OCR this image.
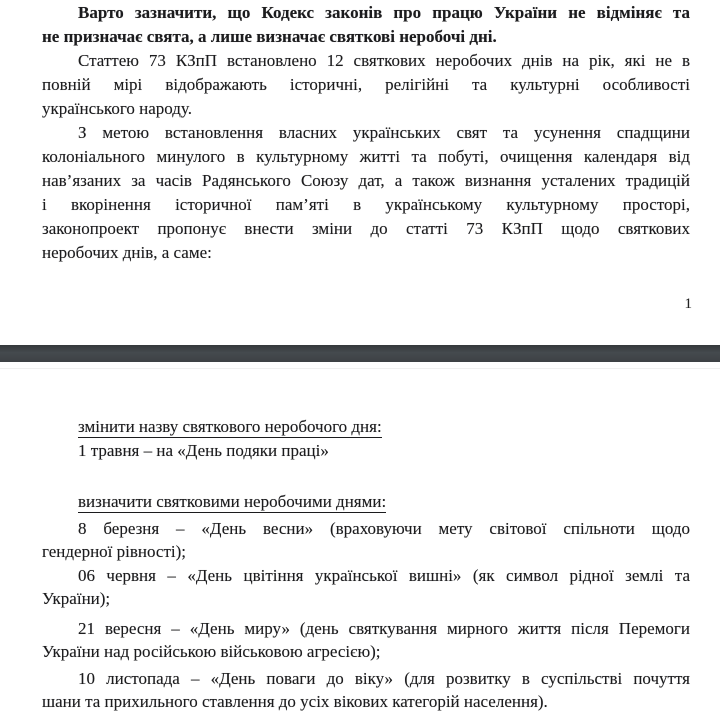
Варто зазначити, що Кодекс законів про працю України не відміняє та
не призначає свята, а лише визначає святкові неробочі дні.
Статтею 73 КЗпП встановлено 12 святкових неробочих днів на рік, які не в
повній мірі відображають історичні, релігійні та культурні особливості
українського народу.
З метою встановлення власних українських свят та усунення спадщини
колоніального минулого в культурному житті та побуті, очищення календаря від
нав’язаних за часів Радянського Союзу дат, а також визнання усталених традицій
і вкорінення історичної пам’яті в українському культурному просторі,
законопроект пропонує внести зміни до статті 73 КЗпП щодо святкових
неробочих днів, а саме:
1
змінити назву святкового неробочого дня:
1 травня – на «День подяки праці»
визначити святковими неробочими днями:
8 березня – «День весни» (враховуючи мету світової спільноти щодо
гендерної рівності);
06 червня – «День цвітіння української вишні» (як символ рідної землі та
України);
21 вересня – «День миру» (день святкування мирного життя після Перемоги
України над російською військовою агресією);
10 листопада – «День поваги до віку» (для розвитку в суспільстві почуття
шани та прихильного ставлення до усіх вікових категорій населення).
